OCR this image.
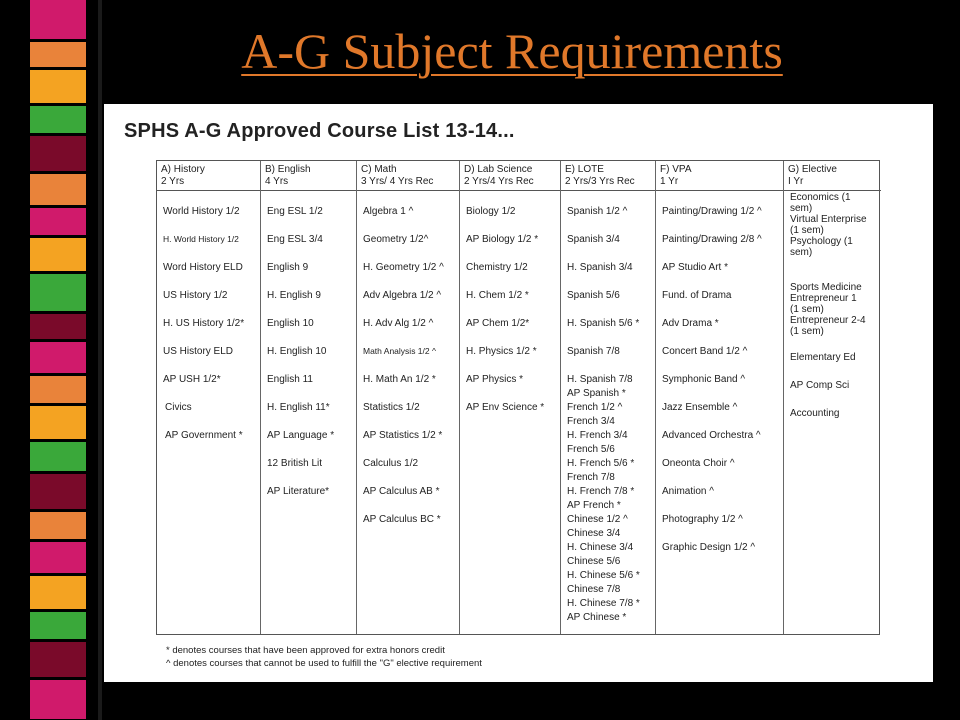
A-G Subject Requirements
SPHS A-G Approved Course List 13-14...
A) History
2 Yrs
World History 1/2
H. World History 1/2
Word History ELD
US History 1/2
H. US History 1/2*
US History ELD
AP USH 1/2*
Civics
AP Government *
B) English
4 Yrs
Eng ESL 1/2
Eng ESL 3/4
English 9
H. English 9
English 10
H. English 10
English 11
H. English 11*
AP Language *
12 British Lit
AP Literature*
C) Math
3 Yrs/ 4 Yrs Rec
Algebra 1 ^
Geometry 1/2^
H. Geometry 1/2 ^
Adv Algebra 1/2 ^
H. Adv Alg 1/2 ^
Math Analysis 1/2 ^
H. Math An 1/2 *
Statistics 1/2
AP Statistics 1/2 *
Calculus 1/2
AP Calculus AB *
AP Calculus BC *
D) Lab Science
2 Yrs/4 Yrs Rec
Biology 1/2
AP Biology 1/2 *
Chemistry 1/2
H. Chem 1/2 *
AP Chem 1/2*
H. Physics 1/2 *
AP Physics *
AP Env Science *
E) LOTE
2 Yrs/3 Yrs Rec
Spanish 1/2 ^
Spanish 3/4
H. Spanish 3/4
Spanish 5/6
H. Spanish 5/6 *
Spanish 7/8
H. Spanish 7/8
AP Spanish *
French 1/2 ^
French 3/4
H. French 3/4
French 5/6
H. French 5/6 *
French 7/8
H. French 7/8 *
AP French *
Chinese 1/2 ^
Chinese 3/4
H. Chinese 3/4
Chinese 5/6
H. Chinese 5/6 *
Chinese 7/8
H. Chinese 7/8 *
AP Chinese *
F) VPA
1 Yr
Painting/Drawing 1/2 ^
Painting/Drawing 2/8 ^
AP Studio Art *
Fund. of Drama
Adv Drama *
Concert Band 1/2 ^
Symphonic Band ^
Jazz Ensemble ^
Advanced Orchestra ^
Oneonta Choir ^
Animation ^
Photography 1/2 ^
Graphic Design 1/2 ^
G) Elective
I Yr
Economics (1
sem)
Virtual Enterprise
(1 sem)
Psychology (1
sem)
Sports Medicine
Entrepreneur 1
(1 sem)
Entrepreneur 2-4
(1 sem)
Elementary Ed
AP Comp Sci
Accounting
* denotes courses that have been approved for extra honors credit
^ denotes courses that cannot be used to fulfill the "G" elective requirement
